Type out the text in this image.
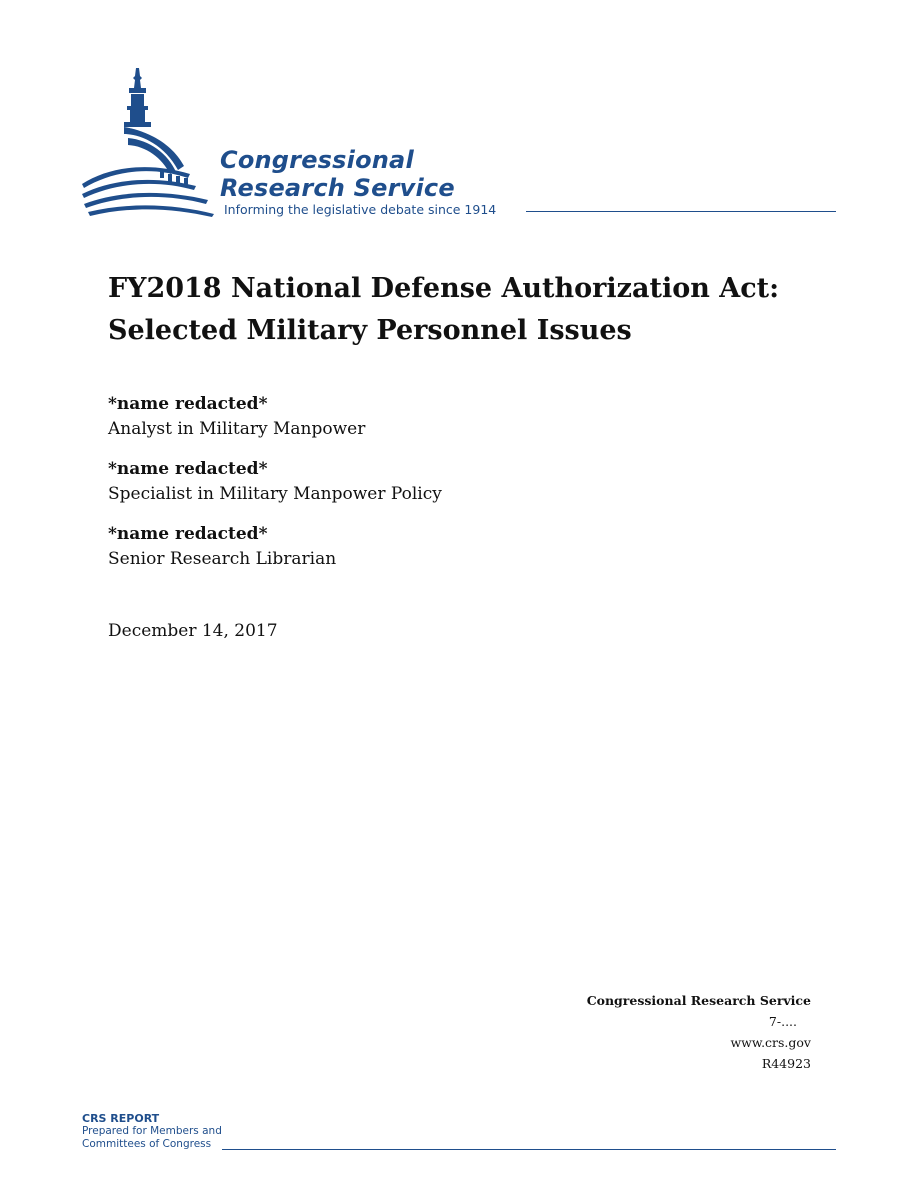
Congressional
Research Service
Informing the legislative debate since 1914
FY2018 National Defense Authorization Act:
Selected Military Personnel Issues
*name redacted*
Analyst in Military Manpower
*name redacted*
Specialist in Military Manpower Policy
*name redacted*
Senior Research Librarian
December 14, 2017
Congressional Research Service
7-....
www.crs.gov
R44923
CRS REPORT
Prepared for Members and
Committees of Congress
